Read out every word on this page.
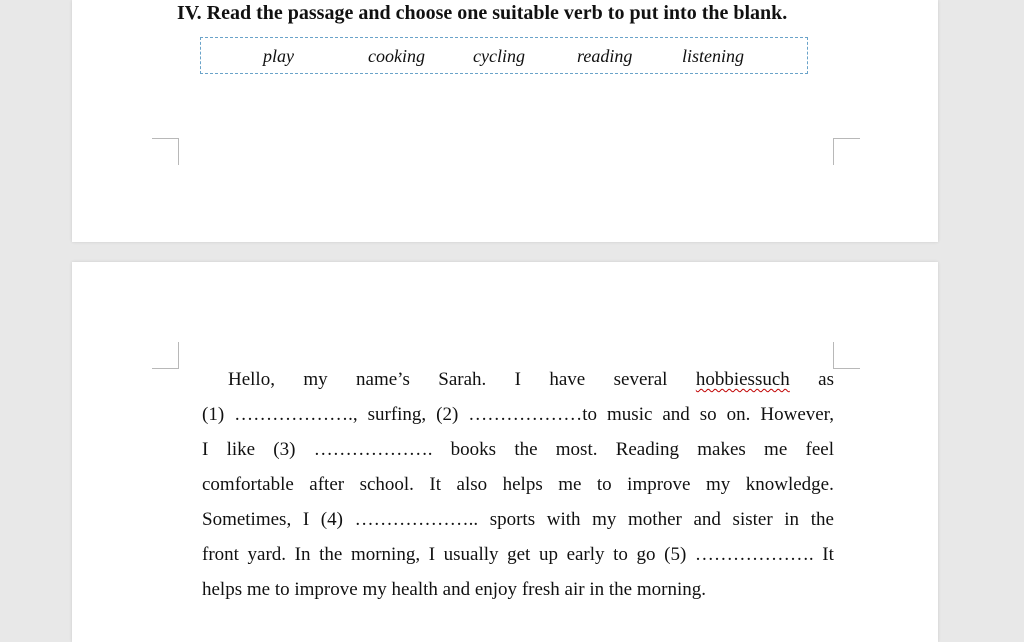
IV. Read the passage and choose one suitable verb to put into the blank.

play	cooking	cycling	reading	listening
Hello, my name’s Sarah. I have several hobbiessuch as
(1) ………………., surfing, (2) ………………to music and so on. However,
I like (3) ………………. books the most. Reading makes me feel
comfortable after school. It also helps me to improve my knowledge.
Sometimes, I (4) ……………….. sports with my mother and sister in the
front yard. In the morning, I usually get up early to go (5) ………………. It
helps me to improve my health and enjoy fresh air in the morning.
